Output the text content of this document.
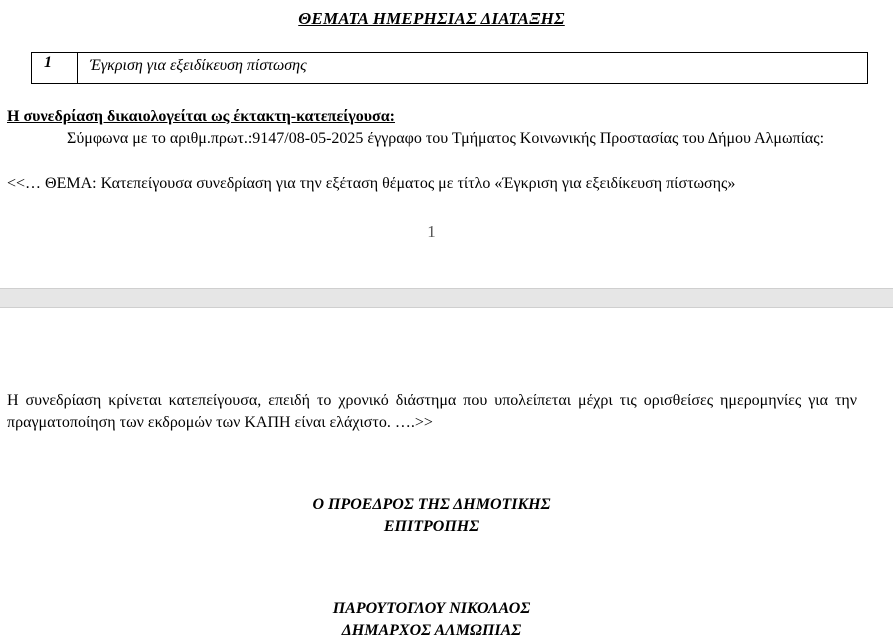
ΘΕΜΑΤΑ ΗΜΕΡΗΣΙΑΣ ΔΙΑΤΑΞΗΣ
1	Έγκριση για εξειδίκευση πίστωσης
Η συνεδρίαση δικαιολογείται ως έκτακτη-κατεπείγουσα:
Σύμφωνα με το αριθμ.πρωτ.:9147/08-05-2025 έγγραφο του Τμήματος Κοινωνικής Προστασίας του Δήμου Αλμωπίας:
<<… ΘΕΜΑ: Κατεπείγουσα συνεδρίαση για την εξέταση θέματος με τίτλο «Έγκριση για εξειδίκευση πίστωσης»
1
Η συνεδρίαση κρίνεται κατεπείγουσα, επειδή το χρονικό διάστημα που υπολείπεται μέχρι τις ορισθείσες ημερομηνίες για την πραγματοποίηση των εκδρομών των ΚΑΠΗ είναι ελάχιστο. ….>>
Ο ΠΡΟΕΔΡΟΣ ΤΗΣ ΔΗΜΟΤΙΚΗΣ
ΕΠΙΤΡΟΠΗΣ
ΠΑΡΟΥΤΟΓΛΟΥ ΝΙΚΟΛΑΟΣ
ΔΗΜΑΡΧΟΣ ΑΛΜΩΠΙΑΣ
